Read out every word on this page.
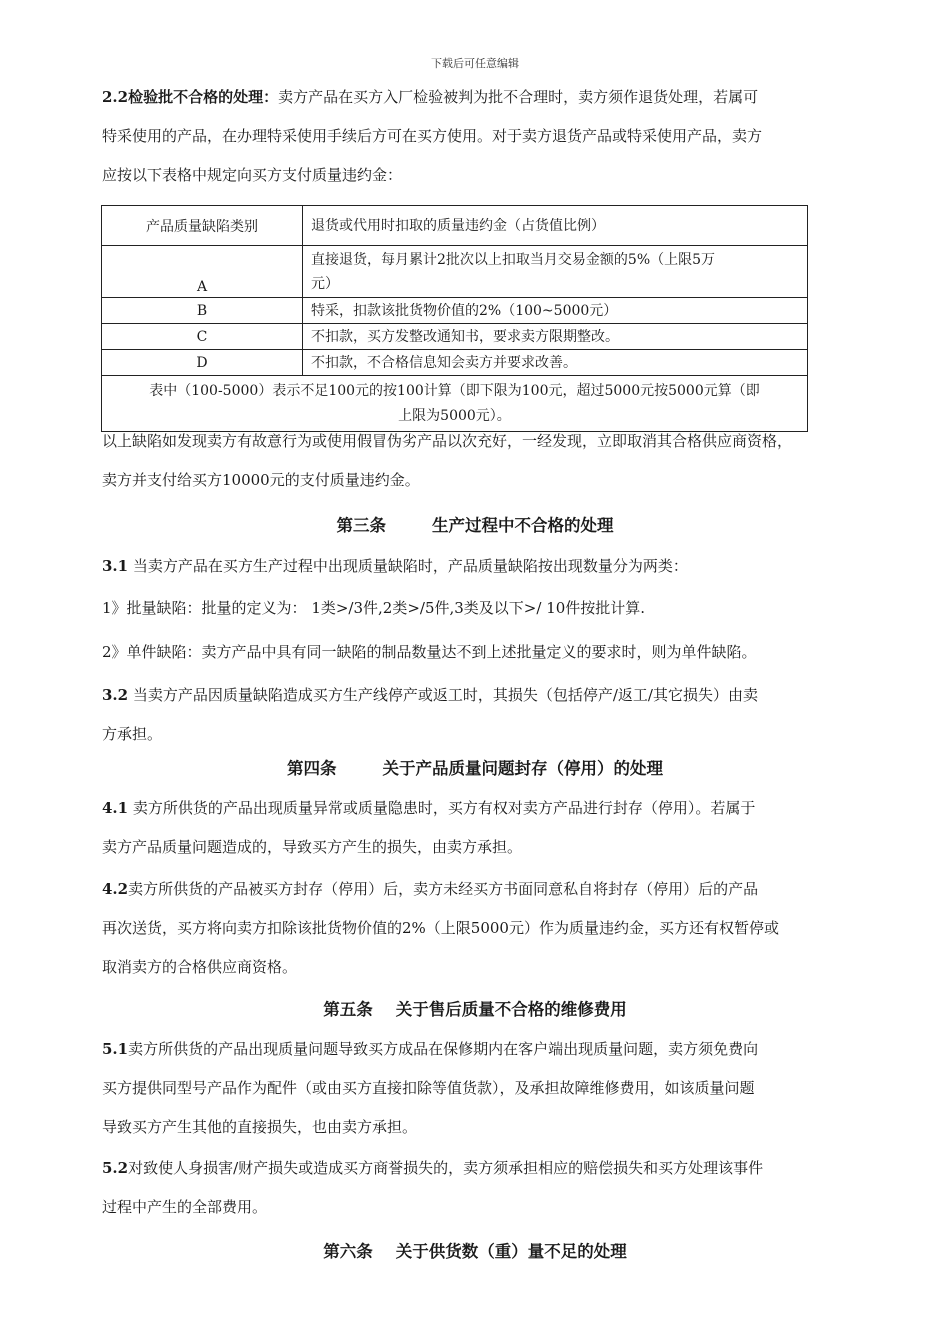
下载后可任意编辑

2.2检验批不合格的处理：卖方产品在买方入厂检验被判为批不合理时，卖方须作退货处理，若属可
特采使用的产品，在办理特采使用手续后方可在买方使用。对于卖方退货产品或特采使用产品，卖方
应按以下表格中规定向买方支付质量违约金：

产品质量缺陷类别	退货或代用时扣取的质量违约金（占货值比例）
A	直接退货，每月累计2批次以上扣取当月交易金额的5%（上限5万
元）
B	特采，扣款该批货物价值的2%（100~5000元）
C	不扣款，买方发整改通知书，要求卖方限期整改。
D	不扣款，不合格信息知会卖方并要求改善。
表中（100-5000）表示不足100元的按100计算（即下限为100元，超过5000元按5000元算（即
上限为5000元）。	

以上缺陷如发现卖方有故意行为或使用假冒伪劣产品以次充好，一经发现，立即取消其合格供应商资格，
卖方并支付给买方10000元的支付质量违约金。

第三条        生产过程中不合格的处理

3.1 当卖方产品在买方生产过程中出现质量缺陷时，产品质量缺陷按出现数量分为两类：

1》批量缺陷：批量的定义为： 1类>/3件,2类>/5件,3类及以下>/ 10件按批计算.

2》单件缺陷：卖方产品中具有同一缺陷的制品数量达不到上述批量定义的要求时，则为单件缺陷。

3.2 当卖方产品因质量缺陷造成买方生产线停产或返工时，其损失（包括停产/返工/其它损失）由卖
方承担。

第四条        关于产品质量问题封存（停用）的处理

4.1 卖方所供货的产品出现质量异常或质量隐患时，买方有权对卖方产品进行封存（停用）。若属于
卖方产品质量问题造成的，导致买方产生的损失，由卖方承担。

4.2卖方所供货的产品被买方封存（停用）后，卖方未经买方书面同意私自将封存（停用）后的产品
再次送货，买方将向卖方扣除该批货物价值的2%（上限5000元）作为质量违约金，买方还有权暂停或
取消卖方的合格供应商资格。

第五条    关于售后质量不合格的维修费用

5.1卖方所供货的产品出现质量问题导致买方成品在保修期内在客户端出现质量问题，卖方须免费向
买方提供同型号产品作为配件（或由买方直接扣除等值货款），及承担故障维修费用，如该质量问题
导致买方产生其他的直接损失，也由卖方承担。

5.2对致使人身损害/财产损失或造成买方商誉损失的，卖方须承担相应的赔偿损失和买方处理该事件
过程中产生的全部费用。

第六条    关于供货数（重）量不足的处理
